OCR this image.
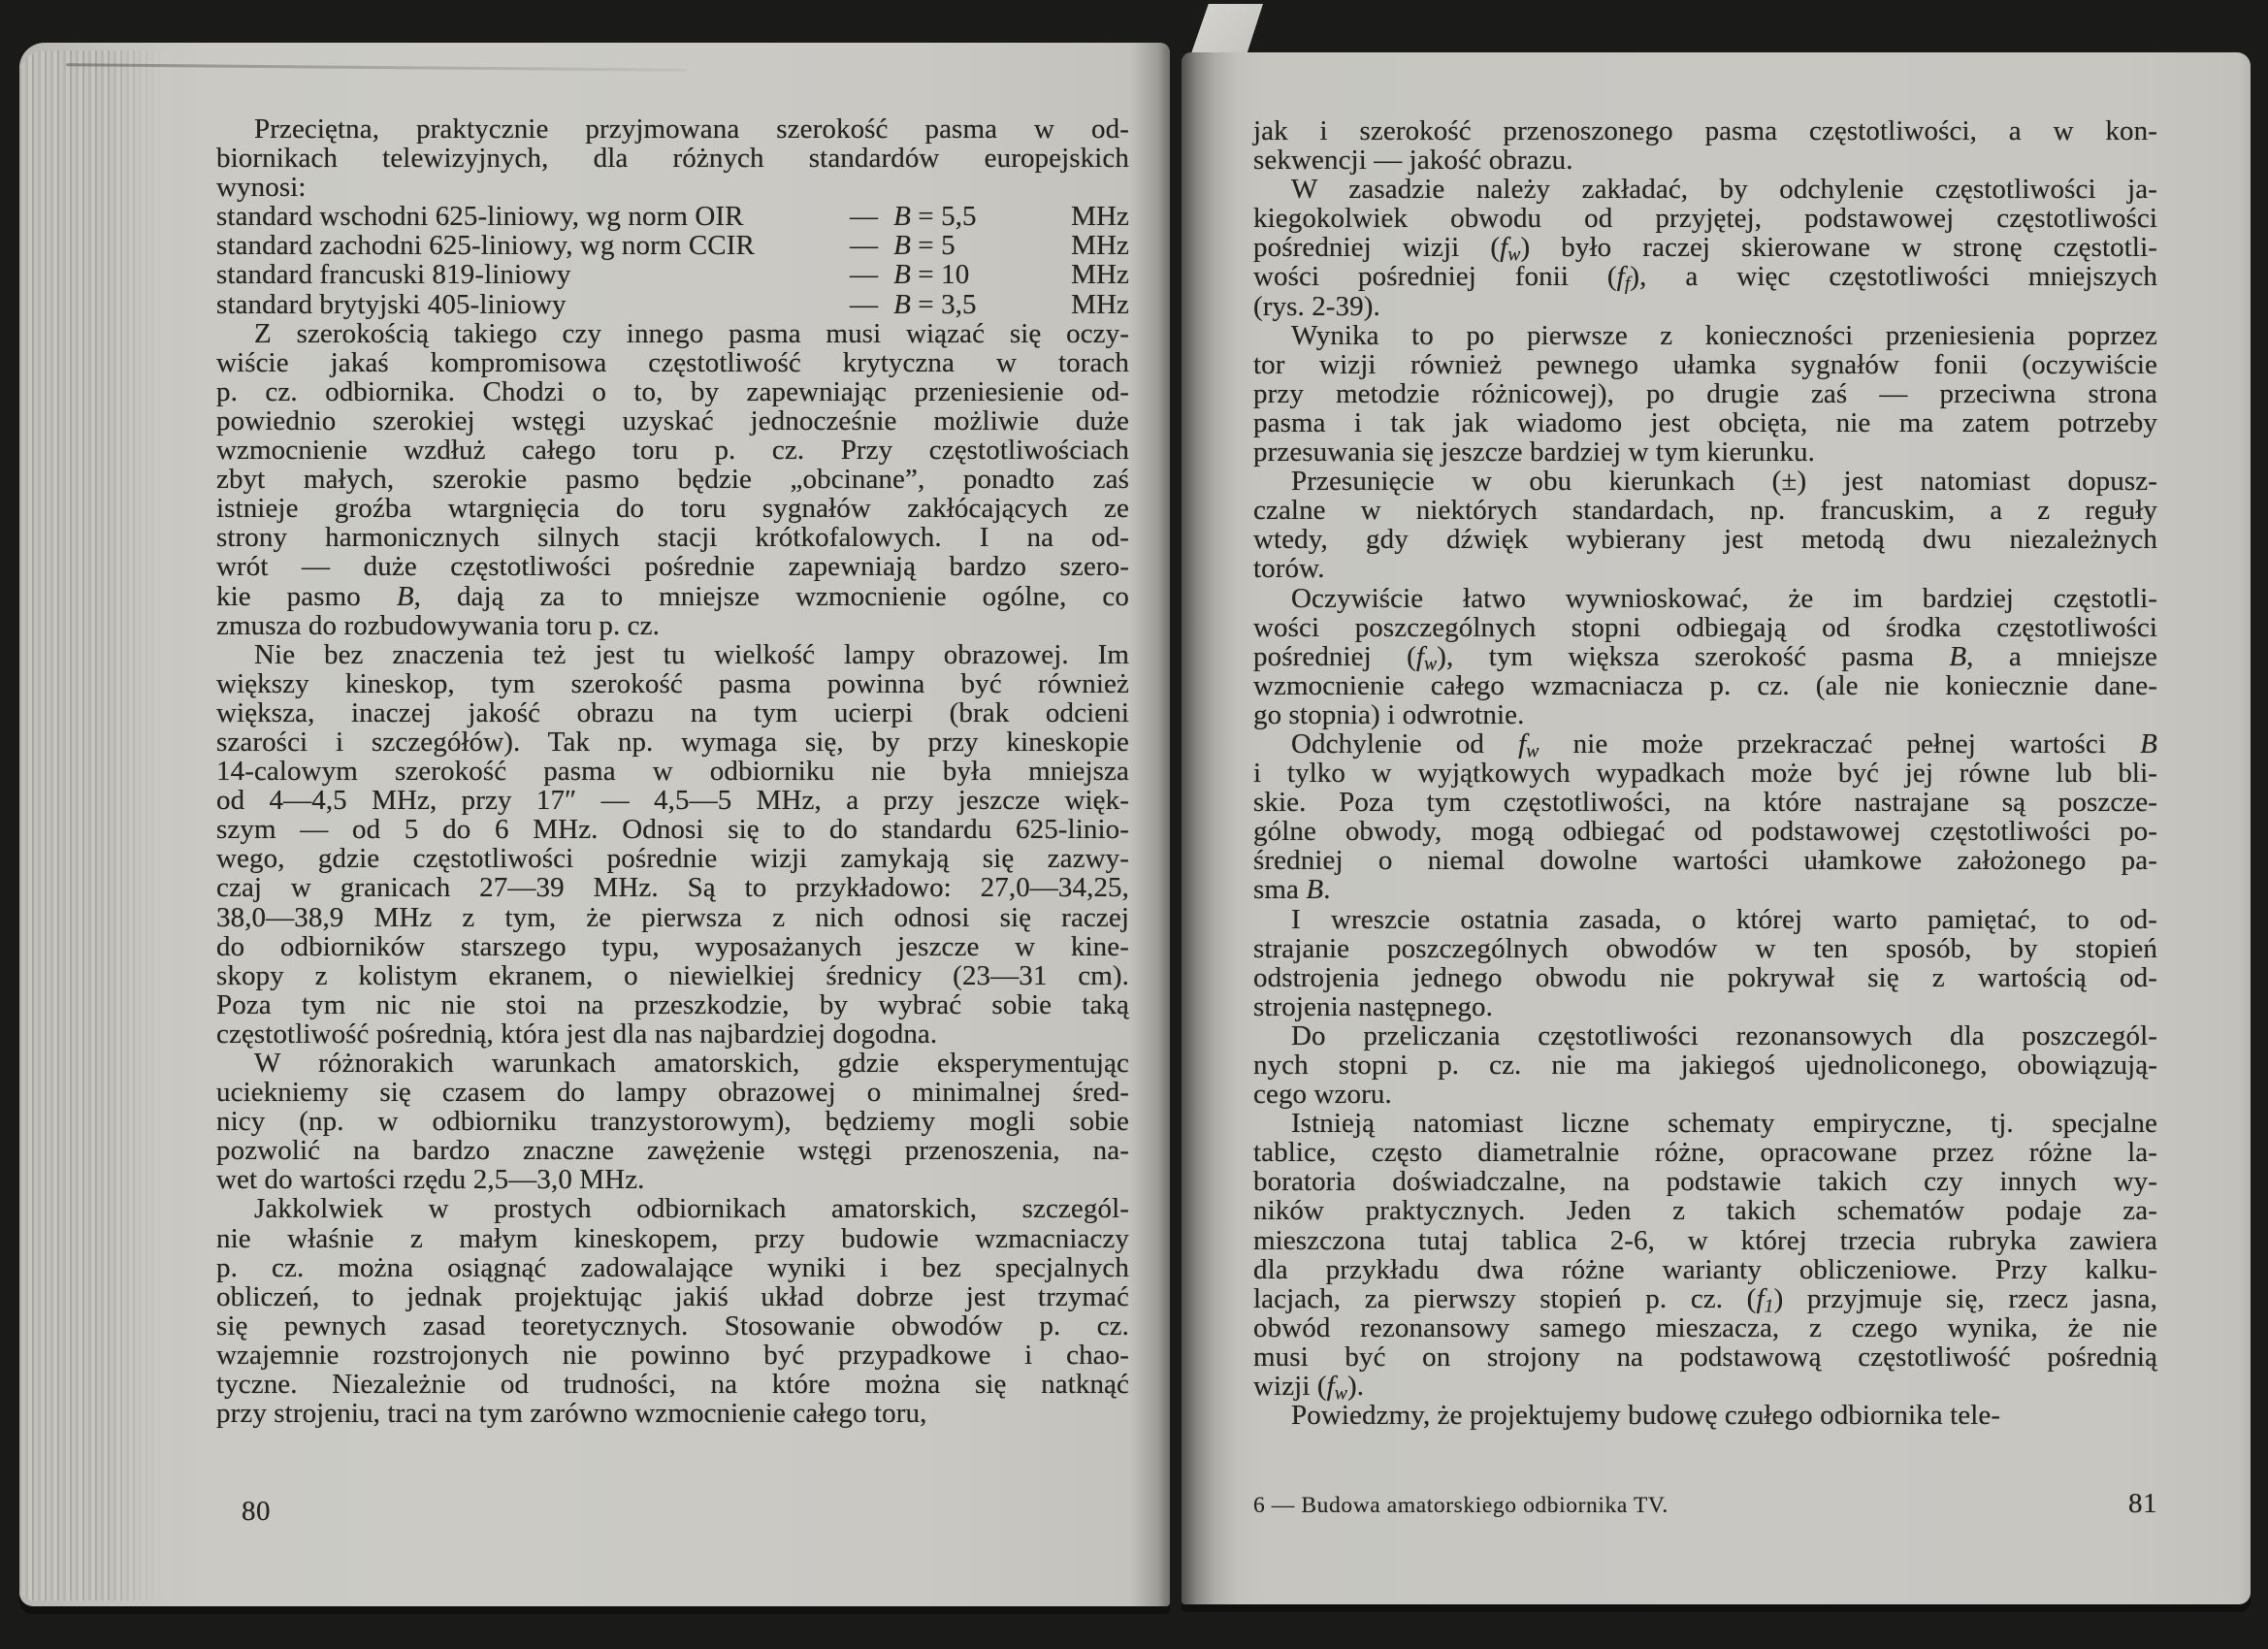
Przeciętna, praktycznie przyjmowana szerokość pasma w od-
biornikach telewizyjnych, dla różnych standardów europejskich
wynosi:
standard wschodni 625-liniowy, wg norm OIR	— B = 5,5	MHz
standard zachodni 625-liniowy, wg norm CCIR	— B = 5	MHz
standard francuski 819-liniowy	— B = 10	MHz
standard brytyjski 405-liniowy	— B = 3,5	MHz
Z szerokością takiego czy innego pasma musi wiązać się oczy-
wiście jakaś kompromisowa częstotliwość krytyczna w torach
p. cz. odbiornika. Chodzi o to, by zapewniając przeniesienie od-
powiednio szerokiej wstęgi uzyskać jednocześnie możliwie duże
wzmocnienie wzdłuż całego toru p. cz. Przy częstotliwościach
zbyt małych, szerokie pasmo będzie „obcinane”, ponadto zaś
istnieje groźba wtargnięcia do toru sygnałów zakłócających ze
strony harmonicznych silnych stacji krótkofalowych. I na od-
wrót — duże częstotliwości pośrednie zapewniają bardzo szero-
kie pasmo B, dają za to mniejsze wzmocnienie ogólne, co
zmusza do rozbudowywania toru p. cz.
Nie bez znaczenia też jest tu wielkość lampy obrazowej. Im
większy kineskop, tym szerokość pasma powinna być również
większa, inaczej jakość obrazu na tym ucierpi (brak odcieni
szarości i szczegółów). Tak np. wymaga się, by przy kineskopie
14-calowym szerokość pasma w odbiorniku nie była mniejsza
od 4—4,5 MHz, przy 17″ — 4,5—5 MHz, a przy jeszcze więk-
szym — od 5 do 6 MHz. Odnosi się to do standardu 625-linio-
wego, gdzie częstotliwości pośrednie wizji zamykają się zazwy-
czaj w granicach 27—39 MHz. Są to przykładowo: 27,0—34,25,
38,0—38,9 MHz z tym, że pierwsza z nich odnosi się raczej
do odbiorników starszego typu, wyposażanych jeszcze w kine-
skopy z kolistym ekranem, o niewielkiej średnicy (23—31 cm).
Poza tym nic nie stoi na przeszkodzie, by wybrać sobie taką
częstotliwość pośrednią, która jest dla nas najbardziej dogodna.
W różnorakich warunkach amatorskich, gdzie eksperymentując
uciekniemy się czasem do lampy obrazowej o minimalnej śred-
nicy (np. w odbiorniku tranzystorowym), będziemy mogli sobie
pozwolić na bardzo znaczne zawężenie wstęgi przenoszenia, na-
wet do wartości rzędu 2,5—3,0 MHz.
Jakkolwiek w prostych odbiornikach amatorskich, szczegól-
nie właśnie z małym kineskopem, przy budowie wzmacniaczy
p. cz. można osiągnąć zadowalające wyniki i bez specjalnych
obliczeń, to jednak projektując jakiś układ dobrze jest trzymać
się pewnych zasad teoretycznych. Stosowanie obwodów p. cz.
wzajemnie rozstrojonych nie powinno być przypadkowe i chao-
tyczne. Niezależnie od trudności, na które można się natknąć
przy strojeniu, traci na tym zarówno wzmocnienie całego toru,
80
jak i szerokość przenoszonego pasma częstotliwości, a w kon-
sekwencji — jakość obrazu.
W zasadzie należy zakładać, by odchylenie częstotliwości ja-
kiegokolwiek obwodu od przyjętej, podstawowej częstotliwości
pośredniej wizji $(f_w)$ było raczej skierowane w stronę częstotli-
wości pośredniej fonii $(f_f)$, a więc częstotliwości mniejszych
(rys. 2-39).
Wynika to po pierwsze z konieczności przeniesienia poprzez
tor wizji również pewnego ułamka sygnałów fonii (oczywiście
przy metodzie różnicowej), po drugie zaś — przeciwna strona
pasma i tak jak wiadomo jest obcięta, nie ma zatem potrzeby
przesuwania się jeszcze bardziej w tym kierunku.
Przesunięcie w obu kierunkach (±) jest natomiast dopusz-
czalne w niektórych standardach, np. francuskim, a z reguły
wtedy, gdy dźwięk wybierany jest metodą dwu niezależnych
torów.
Oczywiście łatwo wywnioskować, że im bardziej częstotli-
wości poszczególnych stopni odbiegają od środka częstotliwości
pośredniej $(f_w)$, tym większa szerokość pasma B, a mniejsze
wzmocnienie całego wzmacniacza p. cz. (ale nie koniecznie dane-
go stopnia) i odwrotnie.
Odchylenie od $f_w$ nie może przekraczać pełnej wartości B
i tylko w wyjątkowych wypadkach może być jej równe lub bli-
skie. Poza tym częstotliwości, na które nastrajane są poszcze-
gólne obwody, mogą odbiegać od podstawowej częstotliwości po-
średniej o niemal dowolne wartości ułamkowe założonego pa-
sma B.
I wreszcie ostatnia zasada, o której warto pamiętać, to od-
strajanie poszczególnych obwodów w ten sposób, by stopień
odstrojenia jednego obwodu nie pokrywał się z wartością od-
strojenia następnego.
Do przeliczania częstotliwości rezonansowych dla poszczegól-
nych stopni p. cz. nie ma jakiegoś ujednoliconego, obowiązują-
cego wzoru.
Istnieją natomiast liczne schematy empiryczne, tj. specjalne
tablice, często diametralnie różne, opracowane przez różne la-
boratoria doświadczalne, na podstawie takich czy innych wy-
ników praktycznych. Jeden z takich schematów podaje za-
mieszczona tutaj tablica 2-6, w której trzecia rubryka zawiera
dla przykładu dwa różne warianty obliczeniowe. Przy kalku-
lacjach, za pierwszy stopień p. cz. $(f_1)$ przyjmuje się, rzecz jasna,
obwód rezonansowy samego mieszacza, z czego wynika, że nie
musi być on strojony na podstawową częstotliwość pośrednią
wizji $(f_w)$.
Powiedzmy, że projektujemy budowę czułego odbiornika tele-
6 — Budowa amatorskiego odbiornika TV.	81
